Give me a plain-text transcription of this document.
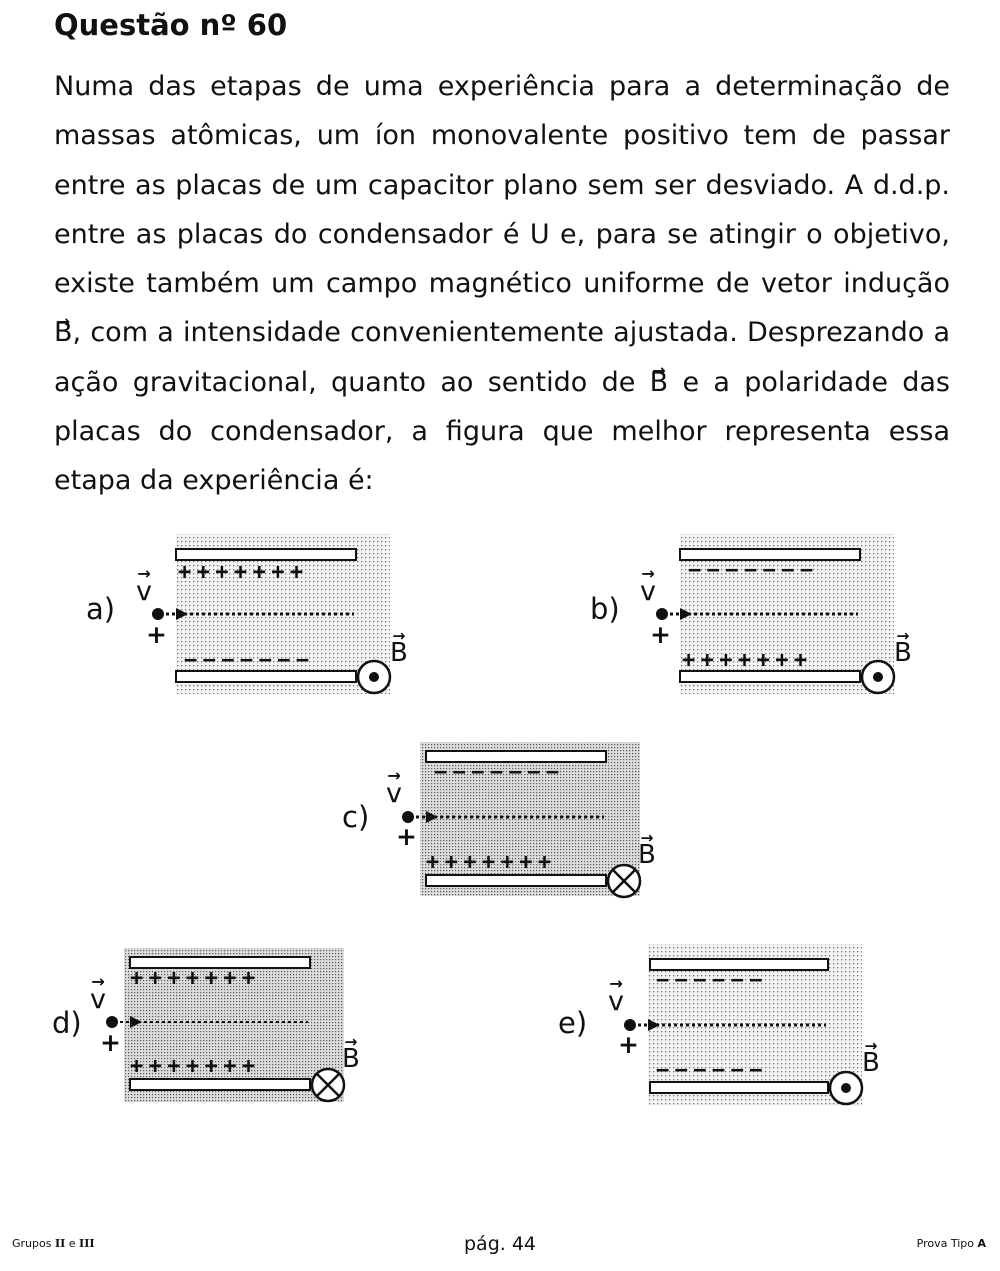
Questão nº 60

Numa das etapas de uma experiência para a determinação de massas atômicas, um íon monovalente positivo tem de passar entre as placas de um capacitor plano sem ser desviado. A d.d.p. entre as placas do condensador é U e, para se atingir o objetivo, existe também um campo magnético uniforme de vetor indução → B, com a intensidade convenientemente ajustada. Desprezando a ação gravitacional, quanto ao sentido de → B e a polaridade das placas do condensador, a figura que melhor representa essa etapa da experiência é:

a)
→ v
+
+++++++
−−−−−−−	→ B
b)
→ v
+
−−−−−−−
+++++++	→ B
c)
→ v
+
−−−−−−−
+++++++	→ B
d)
→ v
+
+++++++
+++++++	→ B
e)
→ v
+
−−−−−−
−−−−−−	→ B
Grupos II e III	pág. 44	Prova Tipo A
